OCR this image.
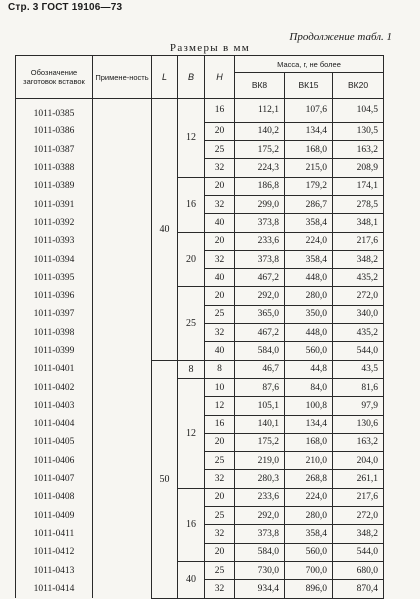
Стр. 3 ГОСТ 19106—73
Продолжение табл. 1
Размеры в мм
Обозначение заготовок вставок	Примене-ность	L	B	H	Масса, г, не более		
					ВК8	ВК15	ВК20
1011-0385		40	12	16	112,1	107,6	104,5
1011-0386				20	140,2	134,4	130,5
1011-0387				25	175,2	168,0	163,2
1011-0388				32	224,3	215,0	208,9
1011-0389			16	20	186,8	179,2	174,1
1011-0391				32	299,0	286,7	278,5
1011-0392				40	373,8	358,4	348,1
1011-0393			20	20	233,6	224,0	217,6
1011-0394				32	373,8	358,4	348,2
1011-0395				40	467,2	448,0	435,2
1011-0396			25	20	292,0	280,0	272,0
1011-0397				25	365,0	350,0	340,0
1011-0398				32	467,2	448,0	435,2
1011-0399				40	584,0	560,0	544,0
1011-0401		50	8	8	46,7	44,8	43,5
1011-0402			12	10	87,6	84,0	81,6
1011-0403				12	105,1	100,8	97,9
1011-0404				16	140,1	134,4	130,6
1011-0405				20	175,2	168,0	163,2
1011-0406				25	219,0	210,0	204,0
1011-0407				32	280,3	268,8	261,1
1011-0408			16	20	233,6	224,0	217,6
1011-0409				25	292,0	280,0	272,0
1011-0411				32	373,8	358,4	348,2
1011-0412				20	584,0	560,0	544,0
1011-0413			40	25	730,0	700,0	680,0
1011-0414				32	934,4	896,0	870,4
